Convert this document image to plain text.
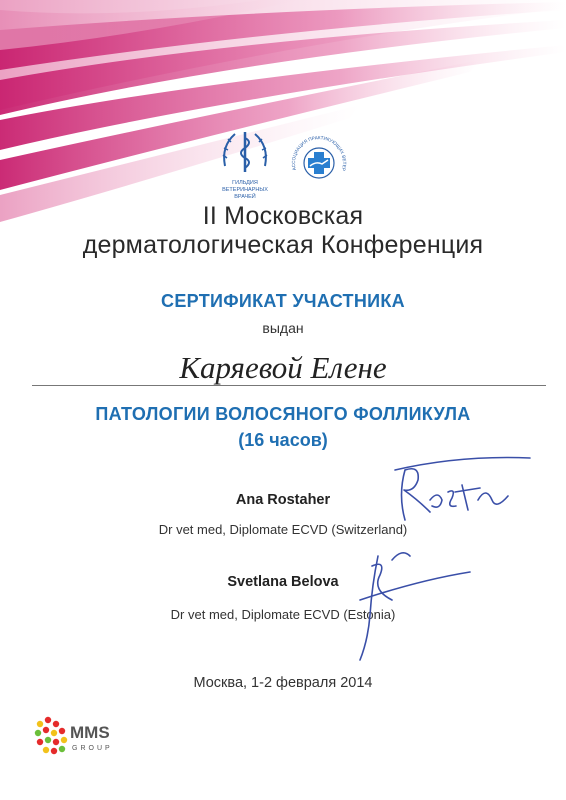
ГИЛЬДИЯ
ВЕТЕРИНАРНЫХ
ВРАЧЕЙ
АССОЦИАЦИЯ ПРАКТИКУЮЩИХ ВЕТЕР
II Московская
дерматологическая Конференция
СЕРТИФИКАТ УЧАСТНИКА
выдан
Каряевой Елене
ПАТОЛОГИИ ВОЛОСЯНОГО ФОЛЛИКУЛА
(16 часов)
Ana Rostaher
Dr vet med, Diplomate ECVD (Switzerland)
Svetlana Belova
Dr vet med, Diplomate ECVD (Estonia)
Москва, 1-2 февраля 2014
MMS
GROUP
